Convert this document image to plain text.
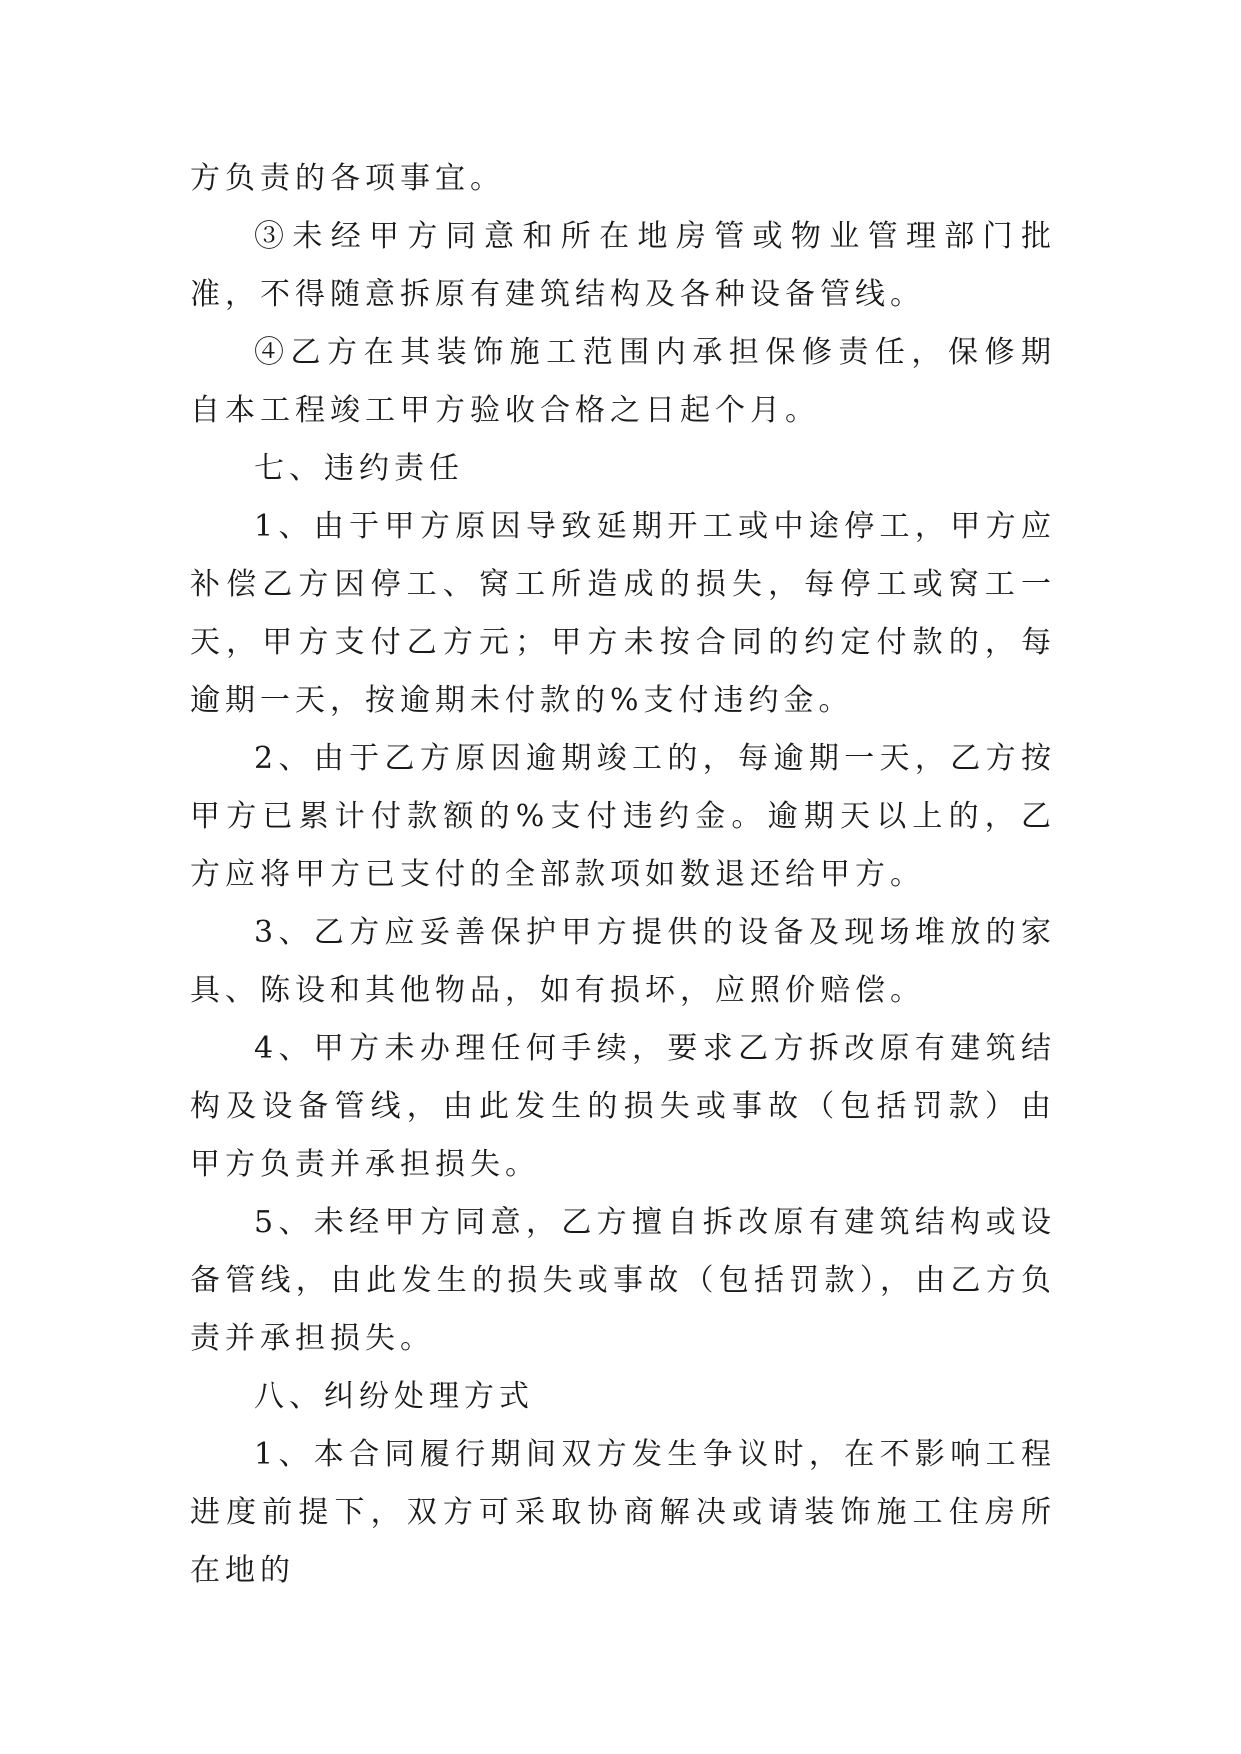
方负责的各项事宜。

③未经甲方同意和所在地房管或物业管理部门批准，不得随意拆原有建筑结构及各种设备管线。

④乙方在其装饰施工范围内承担保修责任，保修期自本工程竣工甲方验收合格之日起个月。

七、违约责任

1、由于甲方原因导致延期开工或中途停工，甲方应补偿乙方因停工、窝工所造成的损失，每停工或窝工一天，甲方支付乙方元；甲方未按合同的约定付款的，每逾期一天，按逾期未付款的%支付违约金。

2、由于乙方原因逾期竣工的，每逾期一天，乙方按甲方已累计付款额的%支付违约金。逾期天以上的，乙方应将甲方已支付的全部款项如数退还给甲方。

3、乙方应妥善保护甲方提供的设备及现场堆放的家具、陈设和其他物品，如有损坏，应照价赔偿。

4、甲方未办理任何手续，要求乙方拆改原有建筑结构及设备管线，由此发生的损失或事故（包括罚款）由甲方负责并承担损失。

5、未经甲方同意，乙方擅自拆改原有建筑结构或设备管线，由此发生的损失或事故（包括罚款），由乙方负责并承担损失。

八、纠纷处理方式

1、本合同履行期间双方发生争议时，在不影响工程进度前提下，双方可采取协商解决或请装饰施工住房所在地的
